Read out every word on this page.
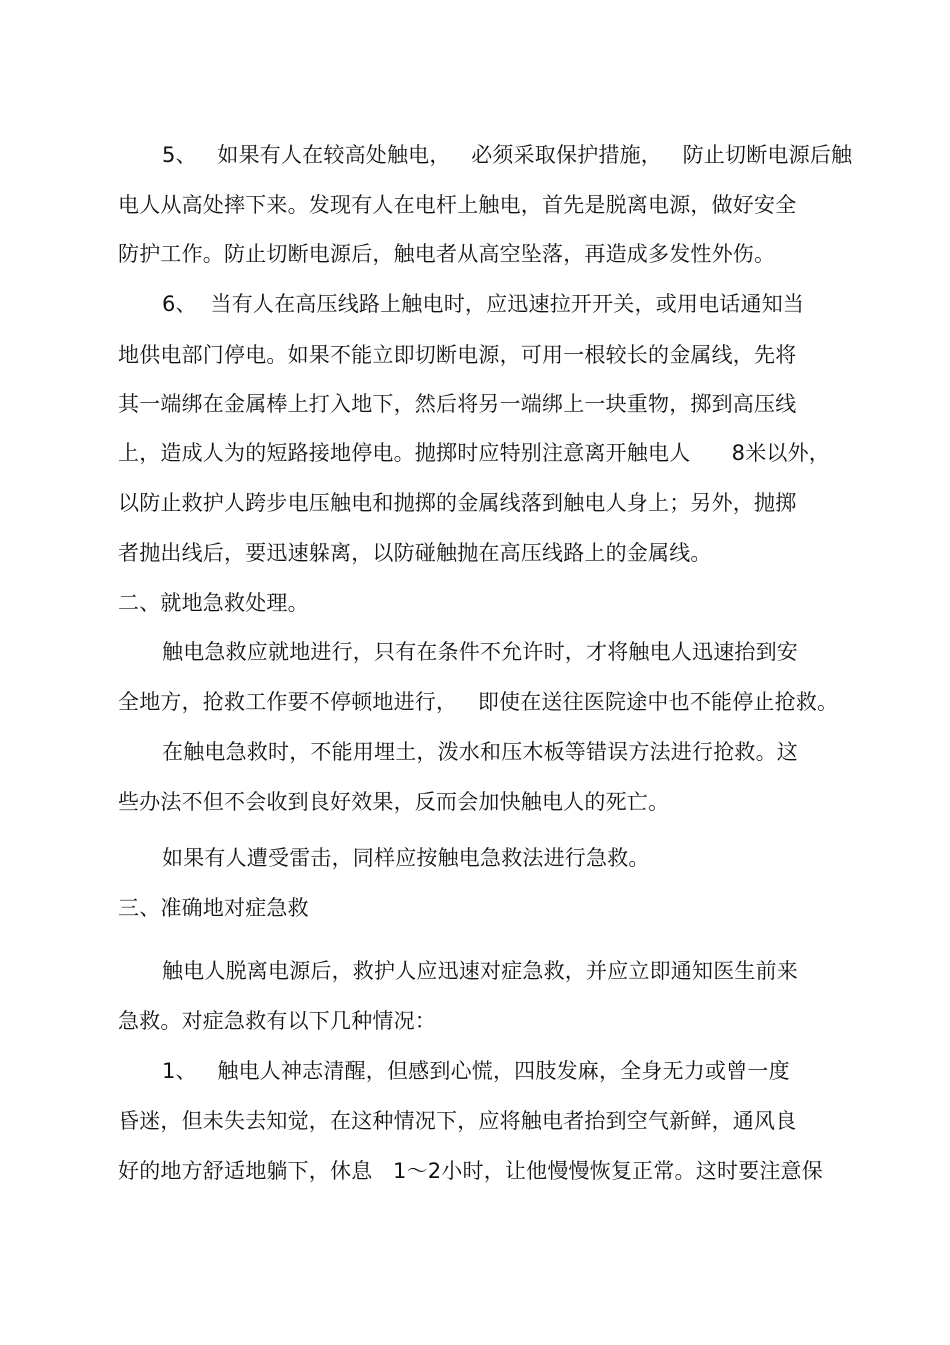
5、   如果有人在较高处触电，   必须采取保护措施，   防止切断电源后触
电人从高处摔下来。发现有人在电杆上触电，首先是脱离电源，做好安全
防护工作。防止切断电源后，触电者从高空坠落，再造成多发性外伤。
6、  当有人在高压线路上触电时，应迅速拉开开关，或用电话通知当
地供电部门停电。如果不能立即切断电源，可用一根较长的金属线，先将
其一端绑在金属棒上打入地下，然后将另一端绑上一块重物，掷到高压线
上，造成人为的短路接地停电。抛掷时应特别注意离开触电人      8米以外，
以防止救护人跨步电压触电和抛掷的金属线落到触电人身上；另外，抛掷
者抛出线后，要迅速躲离，以防碰触抛在高压线路上的金属线。
二、就地急救处理。
触电急救应就地进行，只有在条件不允许时，才将触电人迅速抬到安
全地方，抢救工作要不停顿地进行，   即使在送往医院途中也不能停止抢救。
在触电急救时，不能用埋土，泼水和压木板等错误方法进行抢救。这
些办法不但不会收到良好效果，反而会加快触电人的死亡。
如果有人遭受雷击，同样应按触电急救法进行急救。
三、准确地对症急救
触电人脱离电源后，救护人应迅速对症急救，并应立即通知医生前来
急救。对症急救有以下几种情况：
1、   触电人神志清醒，但感到心慌，四肢发麻，全身无力或曾一度
昏迷，但未失去知觉，在这种情况下，应将触电者抬到空气新鲜，通风良
好的地方舒适地躺下，休息   1～2小时，让他慢慢恢复正常。这时要注意保
